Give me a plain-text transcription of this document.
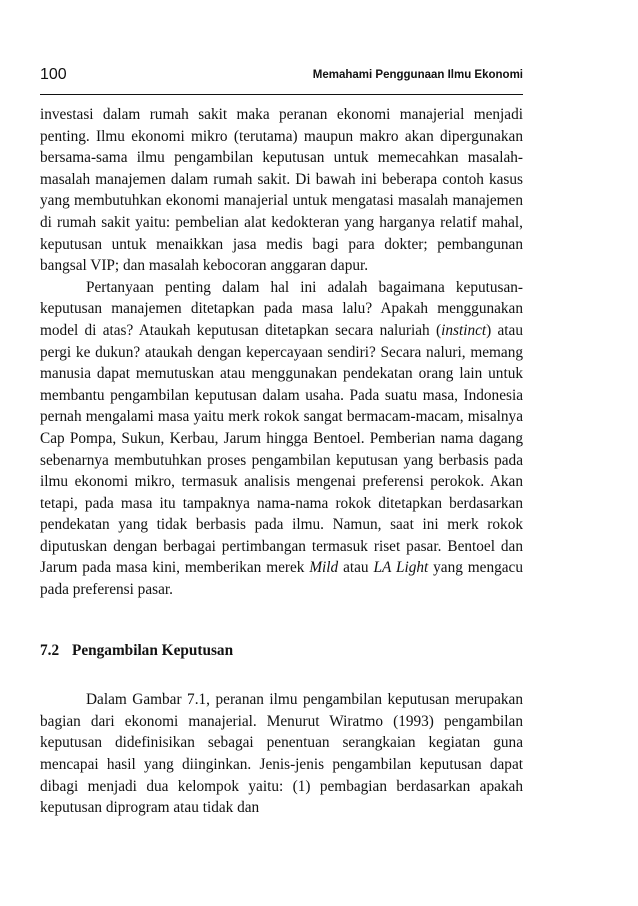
100	Memahami Penggunaan Ilmu Ekonomi

investasi dalam rumah sakit maka peranan ekonomi manajerial menjadi penting. Ilmu ekonomi mikro (terutama) maupun makro akan dipergunakan bersama-sama ilmu pengambilan keputusan untuk memecahkan masalah-masalah manajemen dalam rumah sakit. Di bawah ini beberapa contoh kasus yang membutuhkan ekonomi manajerial untuk mengatasi masalah manajemen di rumah sakit yaitu: pembelian alat kedokteran yang harganya relatif mahal, keputusan untuk menaikkan jasa medis bagi para dokter; pembangunan bangsal VIP; dan masalah kebocoran anggaran dapur.

Pertanyaan penting dalam hal ini adalah bagaimana keputusan-keputusan manajemen ditetapkan pada masa lalu? Apakah menggunakan model di atas? Ataukah keputusan ditetapkan secara naluriah (instinct) atau pergi ke dukun? ataukah dengan kepercayaan sendiri? Secara naluri, memang manusia dapat memutuskan atau menggunakan pendekatan orang lain untuk membantu pengambilan keputusan dalam usaha. Pada suatu masa, Indonesia pernah mengalami masa yaitu merk rokok sangat bermacam-macam, misalnya Cap Pompa, Sukun, Kerbau, Jarum hingga Bentoel. Pemberian nama dagang sebenarnya membutuhkan proses pengambilan keputusan yang berbasis pada ilmu ekonomi mikro, termasuk analisis mengenai preferensi perokok. Akan tetapi, pada masa itu tampaknya nama-nama rokok ditetapkan berdasarkan pendekatan yang tidak berbasis pada ilmu. Namun, saat ini merk rokok diputuskan dengan berbagai pertimbangan termasuk riset pasar. Bentoel dan Jarum pada masa kini, memberikan merek Mild atau LA Light yang mengacu pada preferensi pasar.

7.2 Pengambilan Keputusan

Dalam Gambar 7.1, peranan ilmu pengambilan keputusan merupakan bagian dari ekonomi manajerial. Menurut Wiratmo (1993) pengambilan keputusan didefinisikan sebagai penentuan serangkaian kegiatan guna mencapai hasil yang diinginkan. Jenis-jenis pengambilan keputusan dapat dibagi menjadi dua kelompok yaitu: (1) pembagian berdasarkan apakah keputusan diprogram atau tidak dan
